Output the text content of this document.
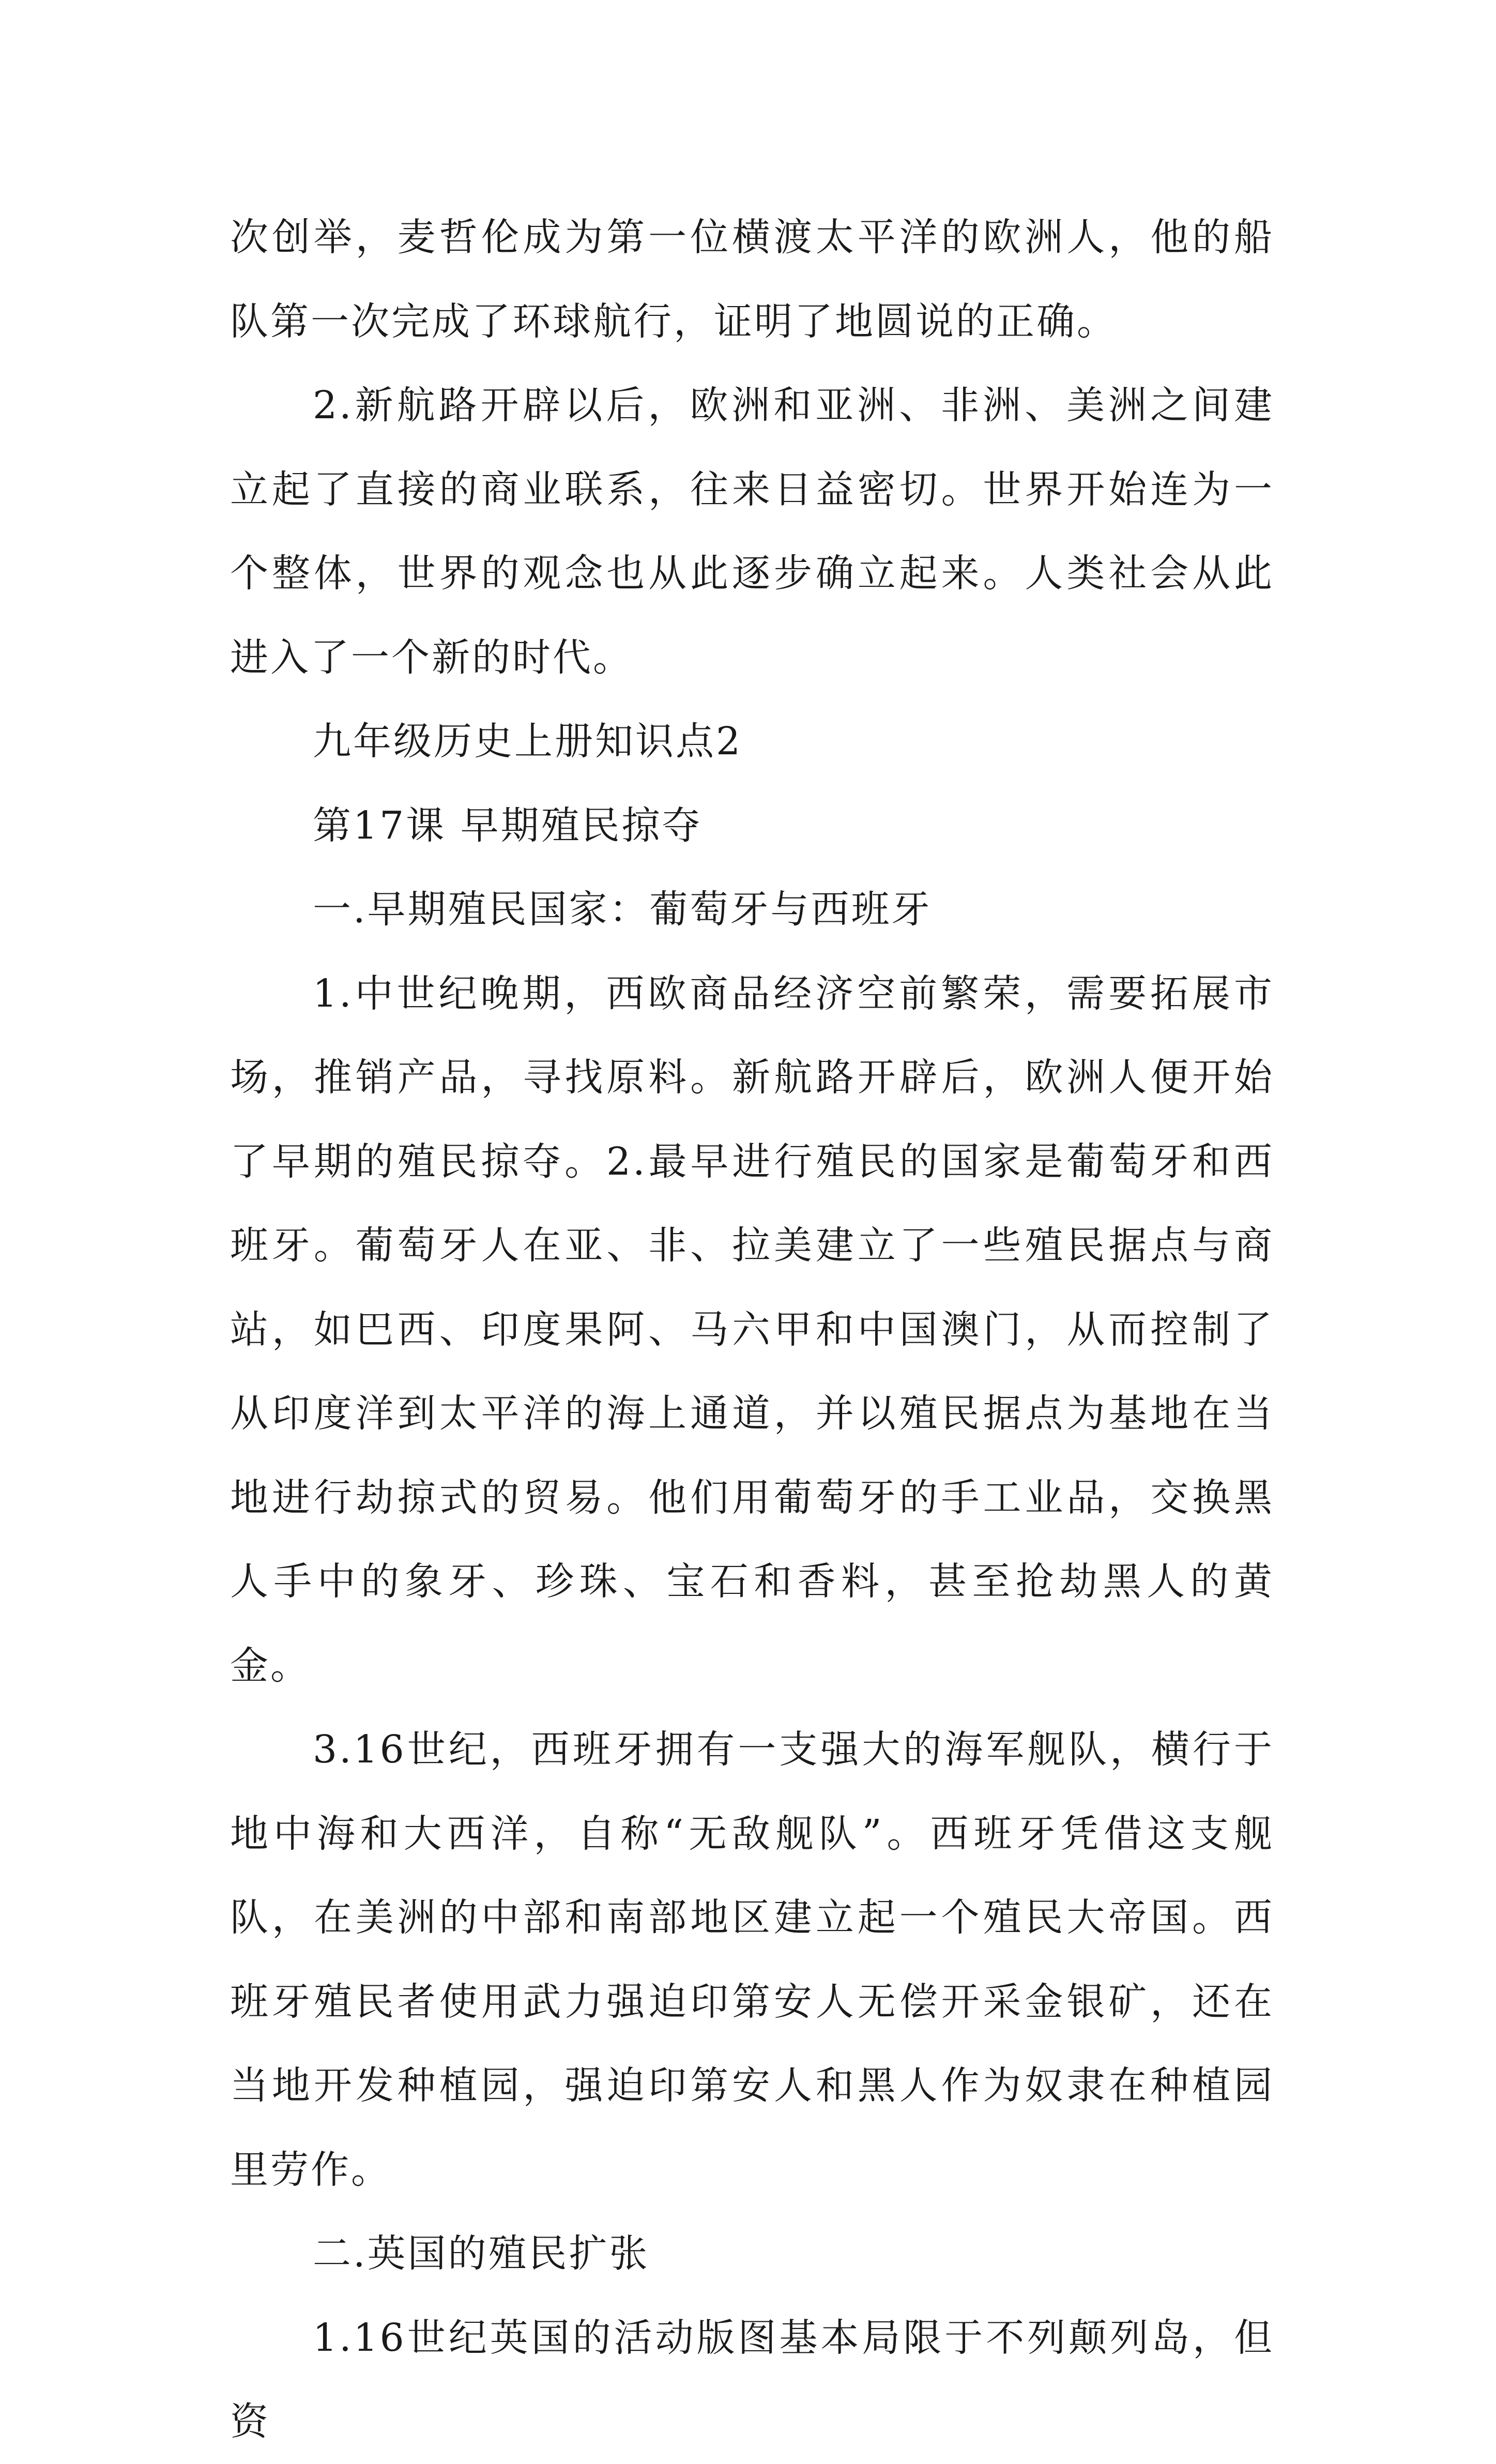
次创举，麦哲伦成为第一位横渡太平洋的欧洲人，他的船队第一次完成了环球航行，证明了地圆说的正确。

2.新航路开辟以后，欧洲和亚洲、非洲、美洲之间建立起了直接的商业联系，往来日益密切。世界开始连为一个整体，世界的观念也从此逐步确立起来。人类社会从此进入了一个新的时代。

九年级历史上册知识点2

第17课 早期殖民掠夺

一.早期殖民国家：葡萄牙与西班牙

1.中世纪晚期，西欧商品经济空前繁荣，需要拓展市场，推销产品，寻找原料。新航路开辟后，欧洲人便开始了早期的殖民掠夺。2.最早进行殖民的国家是葡萄牙和西班牙。葡萄牙人在亚、非、拉美建立了一些殖民据点与商站，如巴西、印度果阿、马六甲和中国澳门，从而控制了从印度洋到太平洋的海上通道，并以殖民据点为基地在当地进行劫掠式的贸易。他们用葡萄牙的手工业品，交换黑人手中的象牙、珍珠、宝石和香料，甚至抢劫黑人的黄金。

3.16世纪，西班牙拥有一支强大的海军舰队，横行于地中海和大西洋，自称“无敌舰队”。西班牙凭借这支舰队，在美洲的中部和南部地区建立起一个殖民大帝国。西班牙殖民者使用武力强迫印第安人无偿开采金银矿，还在当地开发种植园，强迫印第安人和黑人作为奴隶在种植园里劳作。

二.英国的殖民扩张

1.16世纪英国的活动版图基本局限于不列颠列岛，但资
